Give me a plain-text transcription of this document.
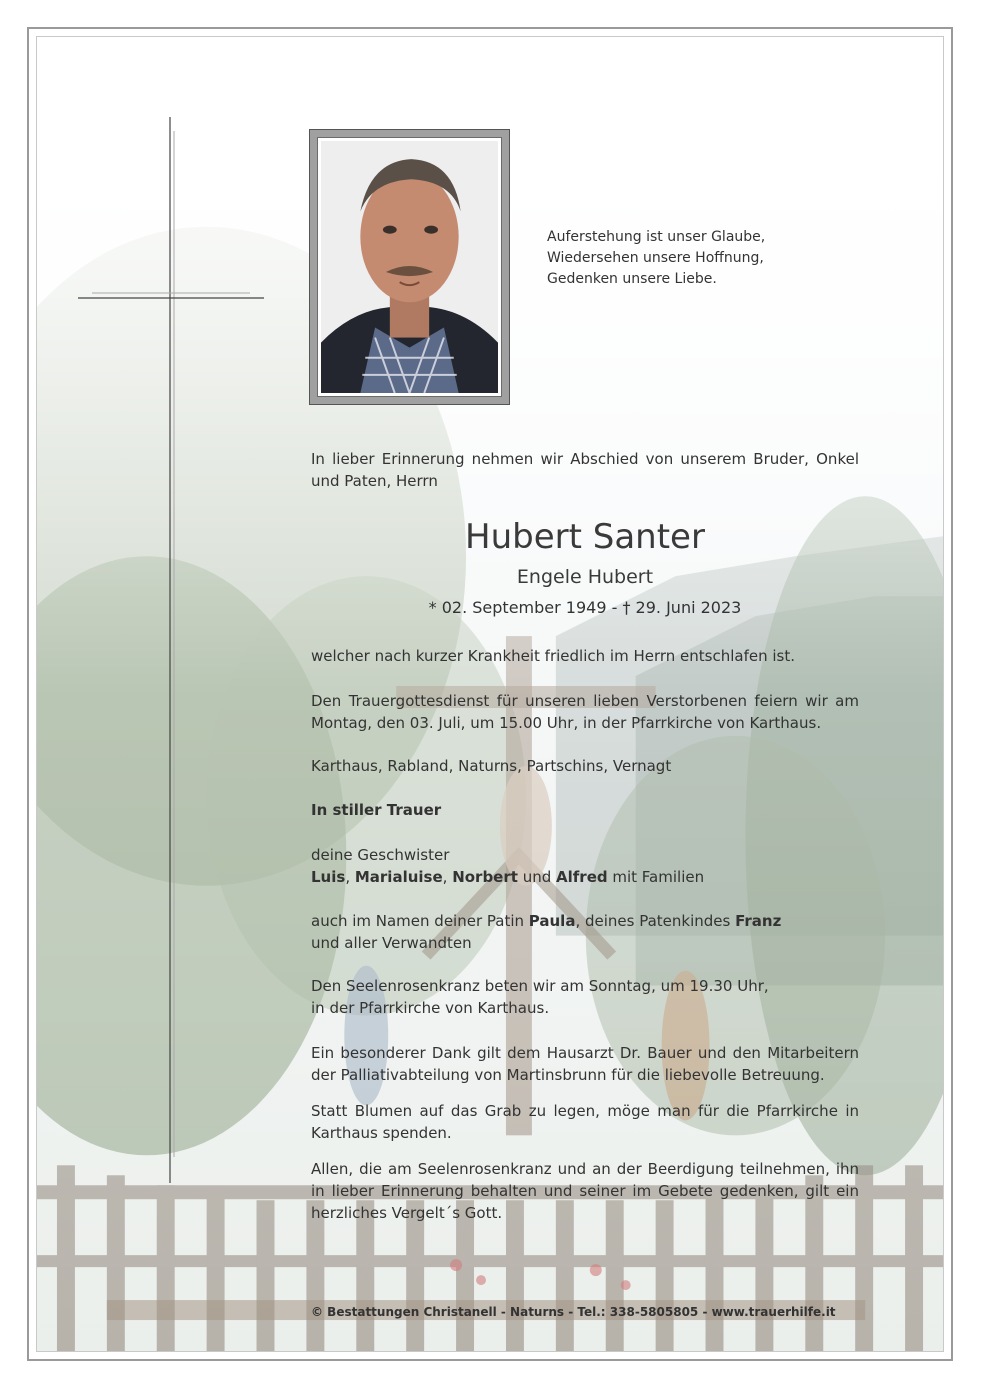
Auferstehung ist unser Glaube,
Wiedersehen unsere Hoffnung,
Gedenken unsere Liebe.
In lieber Erinnerung nehmen wir Abschied von unserem Bruder, Onkel und Paten, Herrn
Hubert Santer
Engele Hubert
* 02. September 1949 - † 29. Juni 2023
welcher nach kurzer Krankheit friedlich im Herrn entschlafen ist.
Den Trauergottesdienst für unseren lieben Verstorbenen feiern wir am Montag, den 03. Juli, um 15.00 Uhr, in der Pfarrkirche von Karthaus.
Karthaus, Rabland, Naturns, Partschins, Vernagt
In stiller Trauer
deine Geschwister
Luis, Marialuise, Norbert und Alfred mit Familien
auch im Namen deiner Patin Paula, deines Patenkindes Franz
und aller Verwandten
Den Seelenrosenkranz beten wir am Sonntag, um 19.30 Uhr,
in der Pfarrkirche von Karthaus.
Ein besonderer Dank gilt dem Hausarzt Dr. Bauer und den Mitarbeitern der Palliativabteilung von Martinsbrunn für die liebevolle Betreuung.
Statt Blumen auf das Grab zu legen, möge man für die Pfarrkirche in Karthaus spenden.
Allen, die am Seelenrosenkranz und an der Beerdigung teilnehmen, ihn in lieber Erinnerung behalten und seiner im Gebete gedenken, gilt ein herzliches Vergelt´s Gott.
© Bestattungen Christanell - Naturns - Tel.: 338-5805805 - www.trauerhilfe.it
